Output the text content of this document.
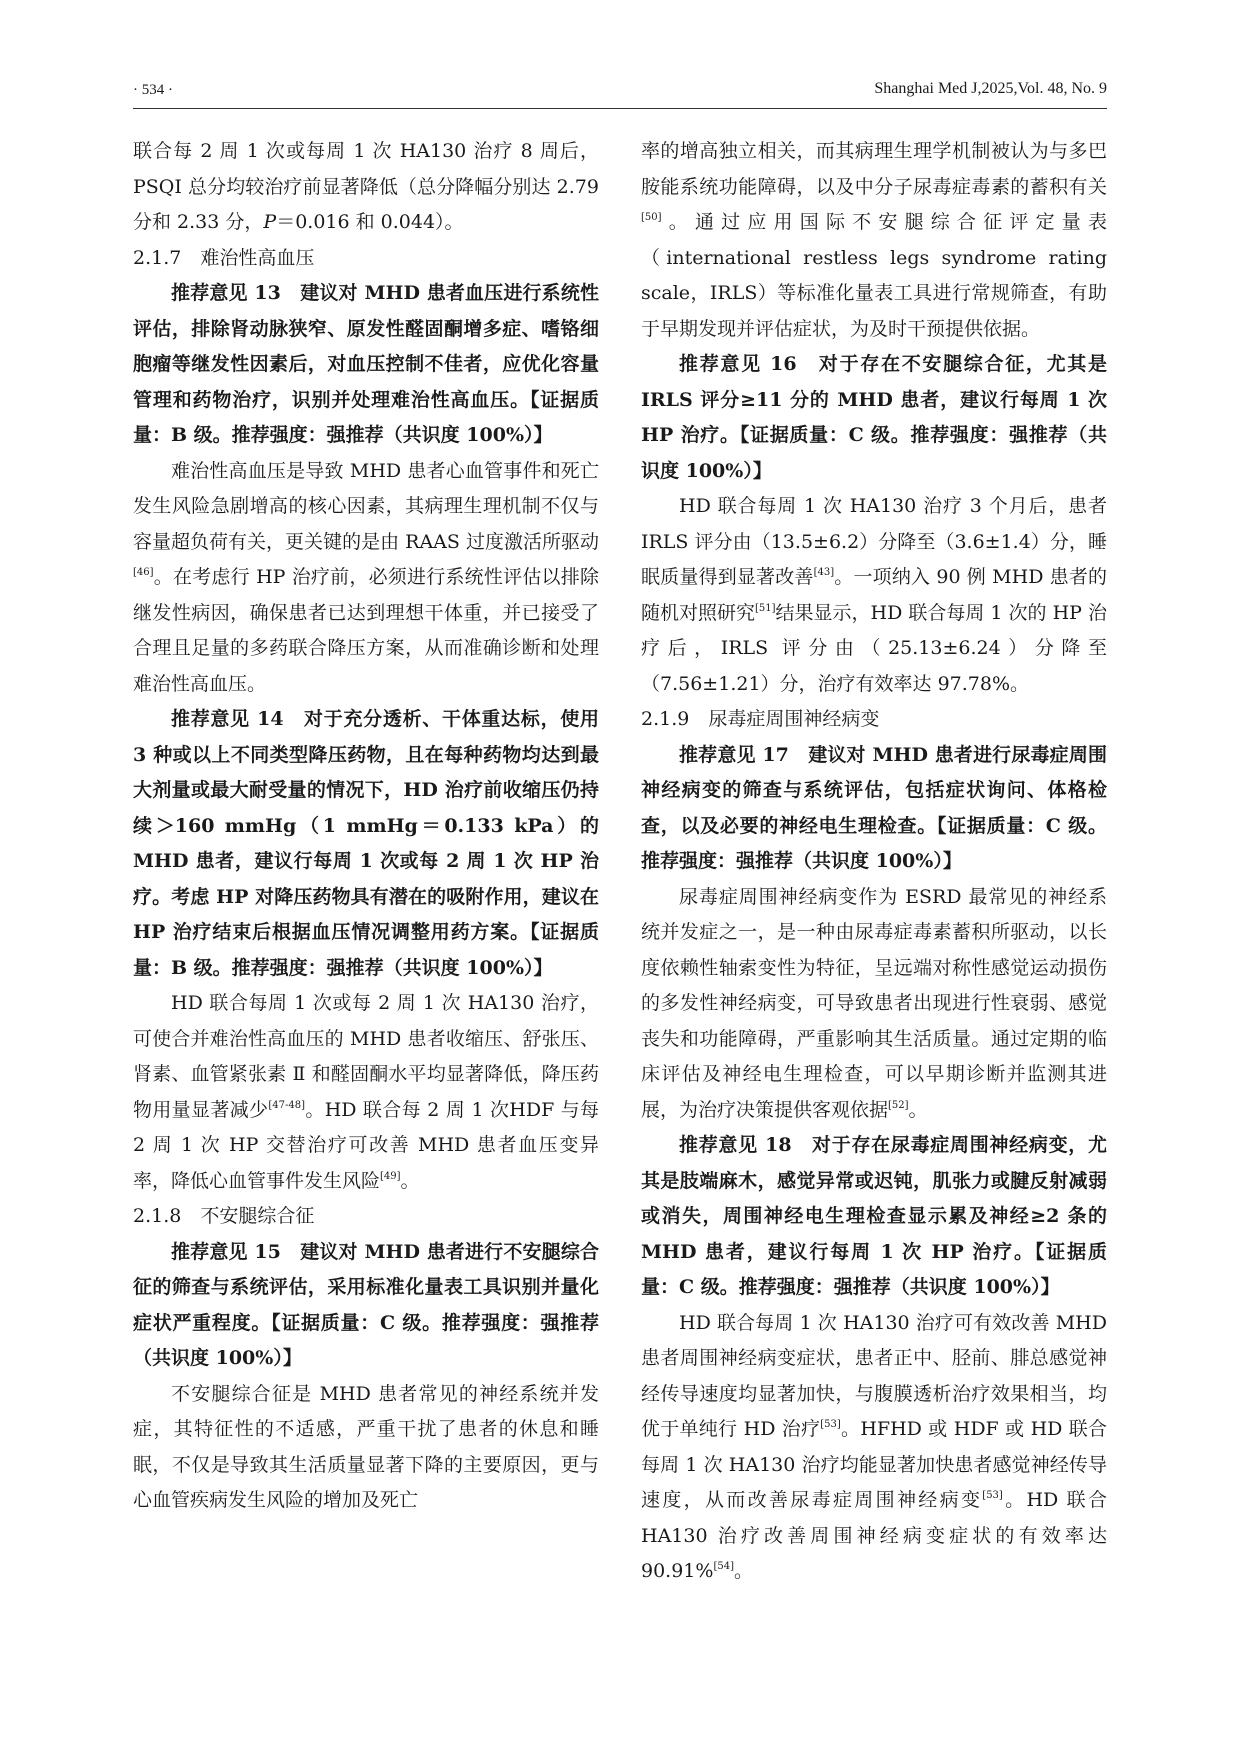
· 534 ·	Shanghai Med J,2025,Vol. 48, No. 9

联合每 2 周 1 次或每周 1 次 HA130 治疗 8 周后，PSQI 总分均较治疗前显著降低（总分降幅分别达 2.79 分和 2.33 分，P＝0.016 和 0.044）。

2.1.7 难治性高血压

推荐意见 13　建议对 MHD 患者血压进行系统性评估，排除肾动脉狭窄、原发性醛固酮增多症、嗜铬细胞瘤等继发性因素后，对血压控制不佳者，应优化容量管理和药物治疗，识别并处理难治性高血压。【证据质量：B 级。推荐强度：强推荐（共识度 100%）】

难治性高血压是导致 MHD 患者心血管事件和死亡发生风险急剧增高的核心因素，其病理生理机制不仅与容量超负荷有关，更关键的是由 RAAS 过度激活所驱动[46]。在考虑行 HP 治疗前，必须进行系统性评估以排除继发性病因，确保患者已达到理想干体重，并已接受了合理且足量的多药联合降压方案，从而准确诊断和处理难治性高血压。

推荐意见 14　对于充分透析、干体重达标，使用 3 种或以上不同类型降压药物，且在每种药物均达到最大剂量或最大耐受量的情况下，HD 治疗前收缩压仍持续＞160 mmHg（1 mmHg＝0.133 kPa）的 MHD 患者，建议行每周 1 次或每 2 周 1 次 HP 治疗。考虑 HP 对降压药物具有潜在的吸附作用，建议在 HP 治疗结束后根据血压情况调整用药方案。【证据质量：B 级。推荐强度：强推荐（共识度 100%）】

HD 联合每周 1 次或每 2 周 1 次 HA130 治疗，可使合并难治性高血压的 MHD 患者收缩压、舒张压、肾素、血管紧张素 Ⅱ 和醛固酮水平均显著降低，降压药物用量显著减少[47-48]。HD 联合每 2 周 1 次HDF 与每 2 周 1 次 HP 交替治疗可改善 MHD 患者血压变异率，降低心血管事件发生风险[49]。

2.1.8 不安腿综合征

推荐意见 15　建议对 MHD 患者进行不安腿综合征的筛查与系统评估，采用标准化量表工具识别并量化症状严重程度。【证据质量：C 级。推荐强度：强推荐（共识度 100%）】

不安腿综合征是 MHD 患者常见的神经系统并发症，其特征性的不适感，严重干扰了患者的休息和睡眠，不仅是导致其生活质量显著下降的主要原因，更与心血管疾病发生风险的增加及死亡

率的增高独立相关，而其病理生理学机制被认为与多巴胺能系统功能障碍，以及中分子尿毒症毒素的蓄积有关[50]。通过应用国际不安腿综合征评定量表（international restless legs syndrome rating scale，IRLS）等标准化量表工具进行常规筛查，有助于早期发现并评估症状，为及时干预提供依据。

推荐意见 16　对于存在不安腿综合征，尤其是 IRLS 评分≥11 分的 MHD 患者，建议行每周 1 次 HP 治疗。【证据质量：C 级。推荐强度：强推荐（共识度 100%）】

HD 联合每周 1 次 HA130 治疗 3 个月后，患者 IRLS 评分由（13.5±6.2）分降至（3.6±1.4）分，睡眠质量得到显著改善[43]。一项纳入 90 例 MHD 患者的随机对照研究[51]结果显示，HD 联合每周 1 次的 HP 治疗后，IRLS 评分由（25.13±6.24）分降至（7.56±1.21）分，治疗有效率达 97.78%。

2.1.9 尿毒症周围神经病变

推荐意见 17　建议对 MHD 患者进行尿毒症周围神经病变的筛查与系统评估，包括症状询问、体格检查，以及必要的神经电生理检查。【证据质量：C 级。推荐强度：强推荐（共识度 100%）】

尿毒症周围神经病变作为 ESRD 最常见的神经系统并发症之一，是一种由尿毒症毒素蓄积所驱动，以长度依赖性轴索变性为特征，呈远端对称性感觉运动损伤的多发性神经病变，可导致患者出现进行性衰弱、感觉丧失和功能障碍，严重影响其生活质量。通过定期的临床评估及神经电生理检查，可以早期诊断并监测其进展，为治疗决策提供客观依据[52]。

推荐意见 18　对于存在尿毒症周围神经病变，尤其是肢端麻木，感觉异常或迟钝，肌张力或腱反射减弱或消失，周围神经电生理检查显示累及神经≥2 条的 MHD 患者，建议行每周 1 次 HP 治疗。【证据质量：C 级。推荐强度：强推荐（共识度 100%）】

HD 联合每周 1 次 HA130 治疗可有效改善 MHD 患者周围神经病变症状，患者正中、胫前、腓总感觉神经传导速度均显著加快，与腹膜透析治疗效果相当，均优于单纯行 HD 治疗[53]。HFHD 或 HDF 或 HD 联合每周 1 次 HA130 治疗均能显著加快患者感觉神经传导速度，从而改善尿毒症周围神经病变[53]。HD 联合 HA130 治疗改善周围神经病变症状的有效率达 90.91%[54]。
